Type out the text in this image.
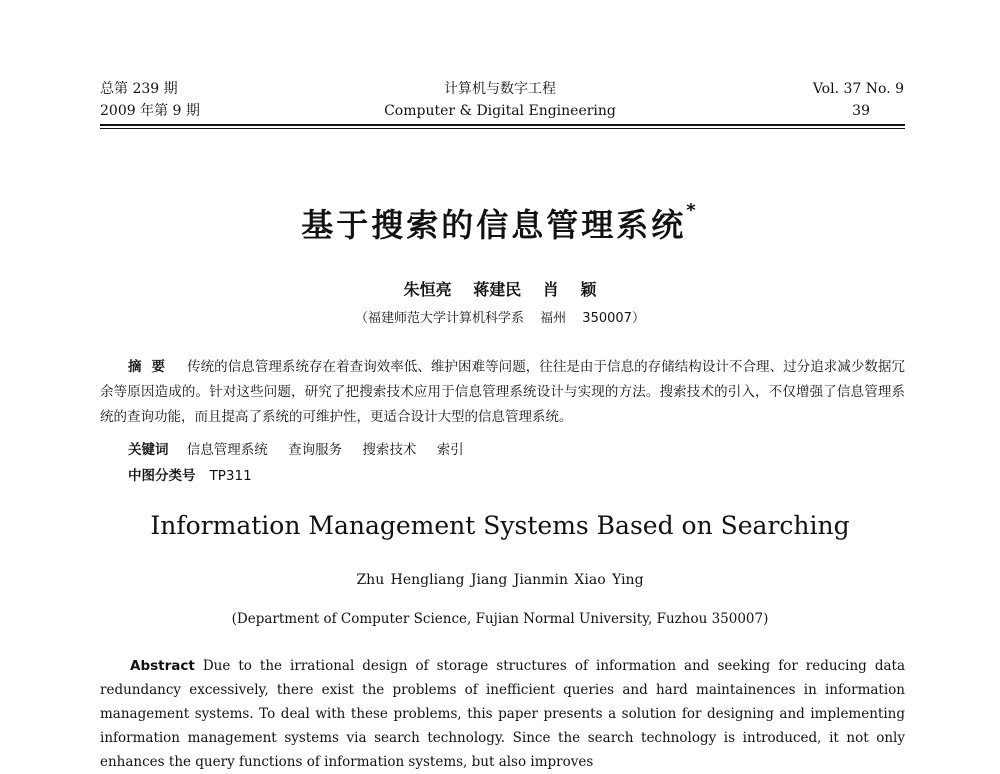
总第 239 期
2009 年第 9 期
计算机与数字工程
Computer & Digital Engineering
Vol. 37 No. 9
39
基于搜索的信息管理系统*
朱恒亮 蒋建民 肖 颖
（福建师范大学计算机科学系 福州 350007）
摘要 传统的信息管理系统存在着查询效率低、维护困难等问题，往往是由于信息的存储结构设计不合理、过分追求减少数据冗余等原因造成的。针对这些问题，研究了把搜索技术应用于信息管理系统设计与实现的方法。搜索技术的引入，不仅增强了信息管理系统的查询功能，而且提高了系统的可维护性，更适合设计大型的信息管理系统。
关键词 信息管理系统 查询服务 搜索技术 索引
中图分类号 TP311
Information Management Systems Based on Searching
Zhu Hengliang Jiang Jianmin Xiao Ying
(Department of Computer Science, Fujian Normal University, Fuzhou 350007)
Abstract Due to the irrational design of storage structures of information and seeking for reducing data redundancy excessively, there exist the problems of inefficient queries and hard maintainences in information management systems. To deal with these problems, this paper presents a solution for designing and implementing information management systems via search technology. Since the search technology is introduced, it not only enhances the query functions of information systems, but also improves
